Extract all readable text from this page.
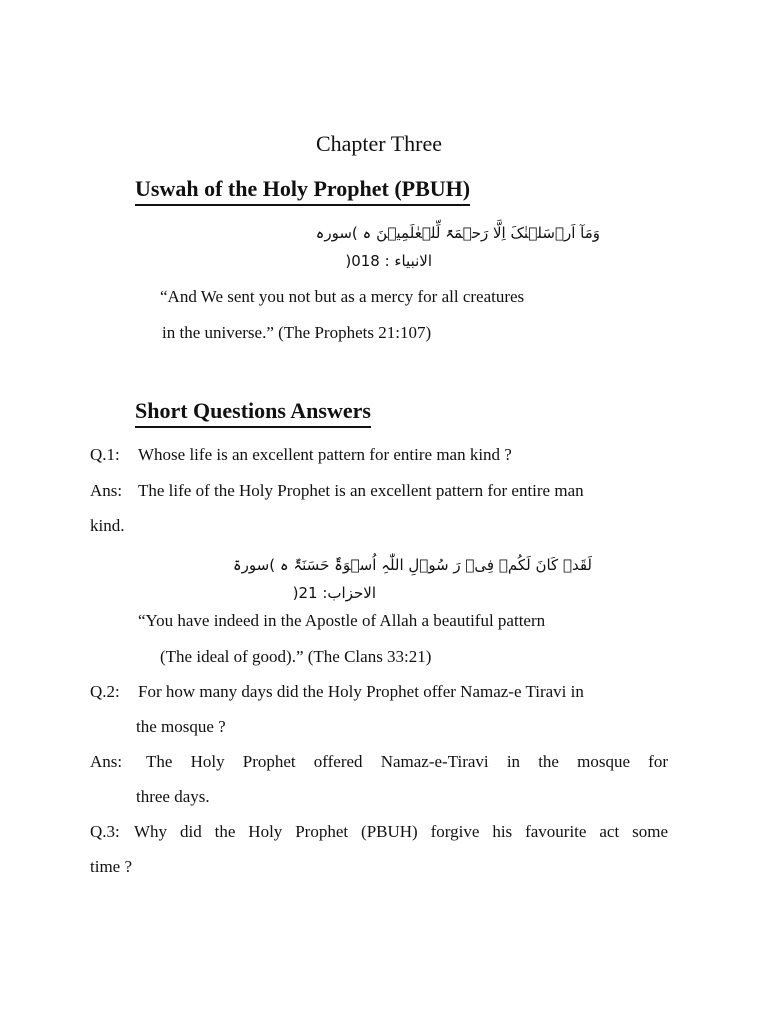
Chapter Three
Uswah of the Holy Prophet (PBUH)
وَمَآ اَرۡسَلۡنٰکَ اِلَّا رَحۡمَۃً لِّلۡعٰلَمِیۡنَ ہ )سورہ
الانبیاء : 018(
“And We sent you not but as a mercy for all creatures
in the universe.” (The Prophets 21:107)
Short Questions Answers
Q.1: Whose life is an excellent pattern for entire man kind ?
Ans: The life of the Holy Prophet is an excellent pattern for entire man
kind.
لَقَدۡ کَانَ لَکُمۡ فِیۡ رَ سُوۡلِ اللّٰہِ اُسۡوَۃٌ حَسَنَۃٌ ہ )سورۃ
الاحزاب: 21(
“You have indeed in the Apostle of Allah a beautiful pattern
(The ideal of good).” (The Clans 33:21)
Q.2: For how many days did the Holy Prophet offer Namaz-e Tiravi in
the mosque ?
Ans: The Holy Prophet offered Namaz-e-Tiravi in the mosque for
three days.
Q.3: Why did the Holy Prophet (PBUH) forgive his favourite act some
time ?
